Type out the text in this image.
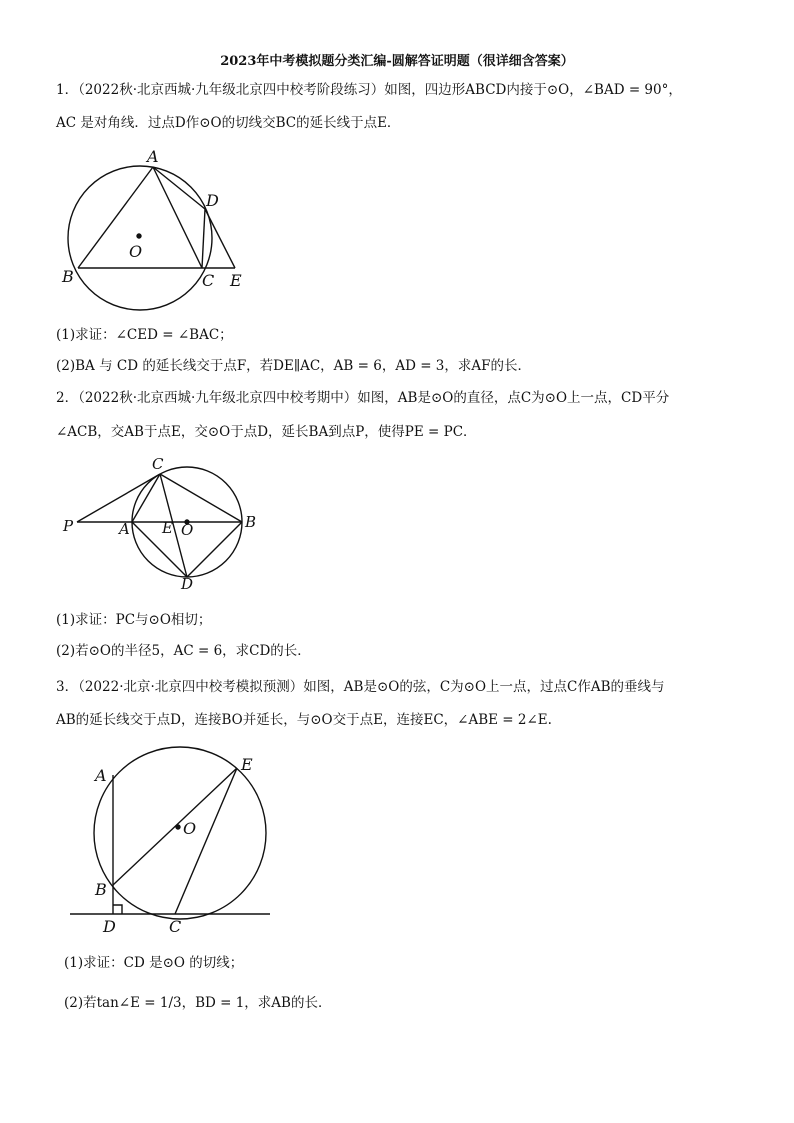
2023年中考模拟题分类汇编-圆解答证明题（很详细含答案）
1．（2022秋·北京西城·九年级北京四中校考阶段练习）如图，四边形ABCD内接于⊙O，∠BAD = 90°，
AC 是对角线．过点D作⊙O的切线交BC的延长线于点E．
A
B	C
D
E
O
(1)求证：∠CED = ∠BAC；
(2)BA 与 CD 的延长线交于点F，若DE∥AC，AB = 6，AD = 3，求AF的长．
2．（2022秋·北京西城·九年级北京四中校考期中）如图，AB是⊙O的直径，点C为⊙O上一点，CD平分
∠ACB，交AB于点E，交⊙O于点D，延长BA到点P，使得PE = PC．
C
P	A E O	B
D
(1)求证：PC与⊙O相切；
(2)若⊙O的半径5，AC = 6，求CD的长．
3．（2022·北京·北京四中校考模拟预测）如图，AB是⊙O的弦，C为⊙O上一点，过点C作AB的垂线与
AB的延长线交于点D，连接BO并延长，与⊙O交于点E，连接EC，∠ABE = 2∠E.
A
B
D	C
E
O
(1)求证：CD 是⊙O 的切线；
(2)若tan∠E = 1/3，BD = 1，求AB的长．
